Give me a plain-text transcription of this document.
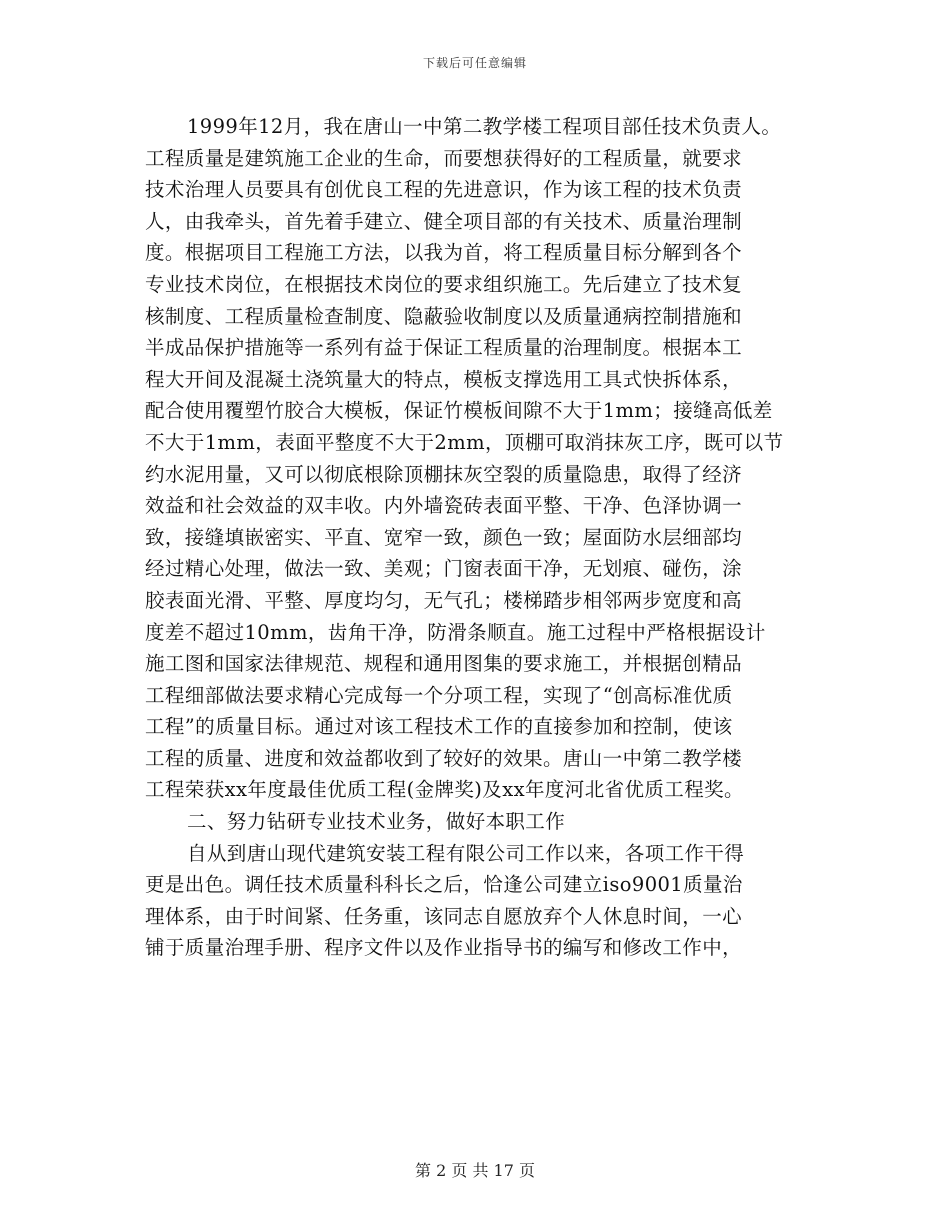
下载后可任意编辑
1999年12月，我在唐山一中第二教学楼工程项目部任技术负责人。
工程质量是建筑施工企业的生命，而要想获得好的工程质量，就要求
技术治理人员要具有创优良工程的先进意识，作为该工程的技术负责
人，由我牵头，首先着手建立、健全项目部的有关技术、质量治理制
度。根据项目工程施工方法，以我为首，将工程质量目标分解到各个
专业技术岗位，在根据技术岗位的要求组织施工。先后建立了技术复
核制度、工程质量检查制度、隐蔽验收制度以及质量通病控制措施和
半成品保护措施等一系列有益于保证工程质量的治理制度。根据本工
程大开间及混凝土浇筑量大的特点，模板支撑选用工具式快拆体系，
配合使用覆塑竹胶合大模板，保证竹模板间隙不大于1mm；接缝高低差
不大于1mm，表面平整度不大于2mm，顶棚可取消抹灰工序，既可以节
约水泥用量，又可以彻底根除顶棚抹灰空裂的质量隐患，取得了经济
效益和社会效益的双丰收。内外墙瓷砖表面平整、干净、色泽协调一
致，接缝填嵌密实、平直、宽窄一致，颜色一致；屋面防水层细部均
经过精心处理，做法一致、美观；门窗表面干净，无划痕、碰伤，涂
胶表面光滑、平整、厚度均匀，无气孔；楼梯踏步相邻两步宽度和高
度差不超过10mm，齿角干净，防滑条顺直。施工过程中严格根据设计
施工图和国家法律规范、规程和通用图集的要求施工，并根据创精品
工程细部做法要求精心完成每一个分项工程，实现了“创高标准优质
工程”的质量目标。通过对该工程技术工作的直接参加和控制，使该
工程的质量、进度和效益都收到了较好的效果。唐山一中第二教学楼
工程荣获xx年度最佳优质工程(金牌奖)及xx年度河北省优质工程奖。
二、努力钻研专业技术业务，做好本职工作
自从到唐山现代建筑安装工程有限公司工作以来，各项工作干得
更是出色。调任技术质量科科长之后，恰逢公司建立iso9001质量治
理体系，由于时间紧、任务重，该同志自愿放弃个人休息时间，一心
铺于质量治理手册、程序文件以及作业指导书的编写和修改工作中，
第 2 页 共 17 页
